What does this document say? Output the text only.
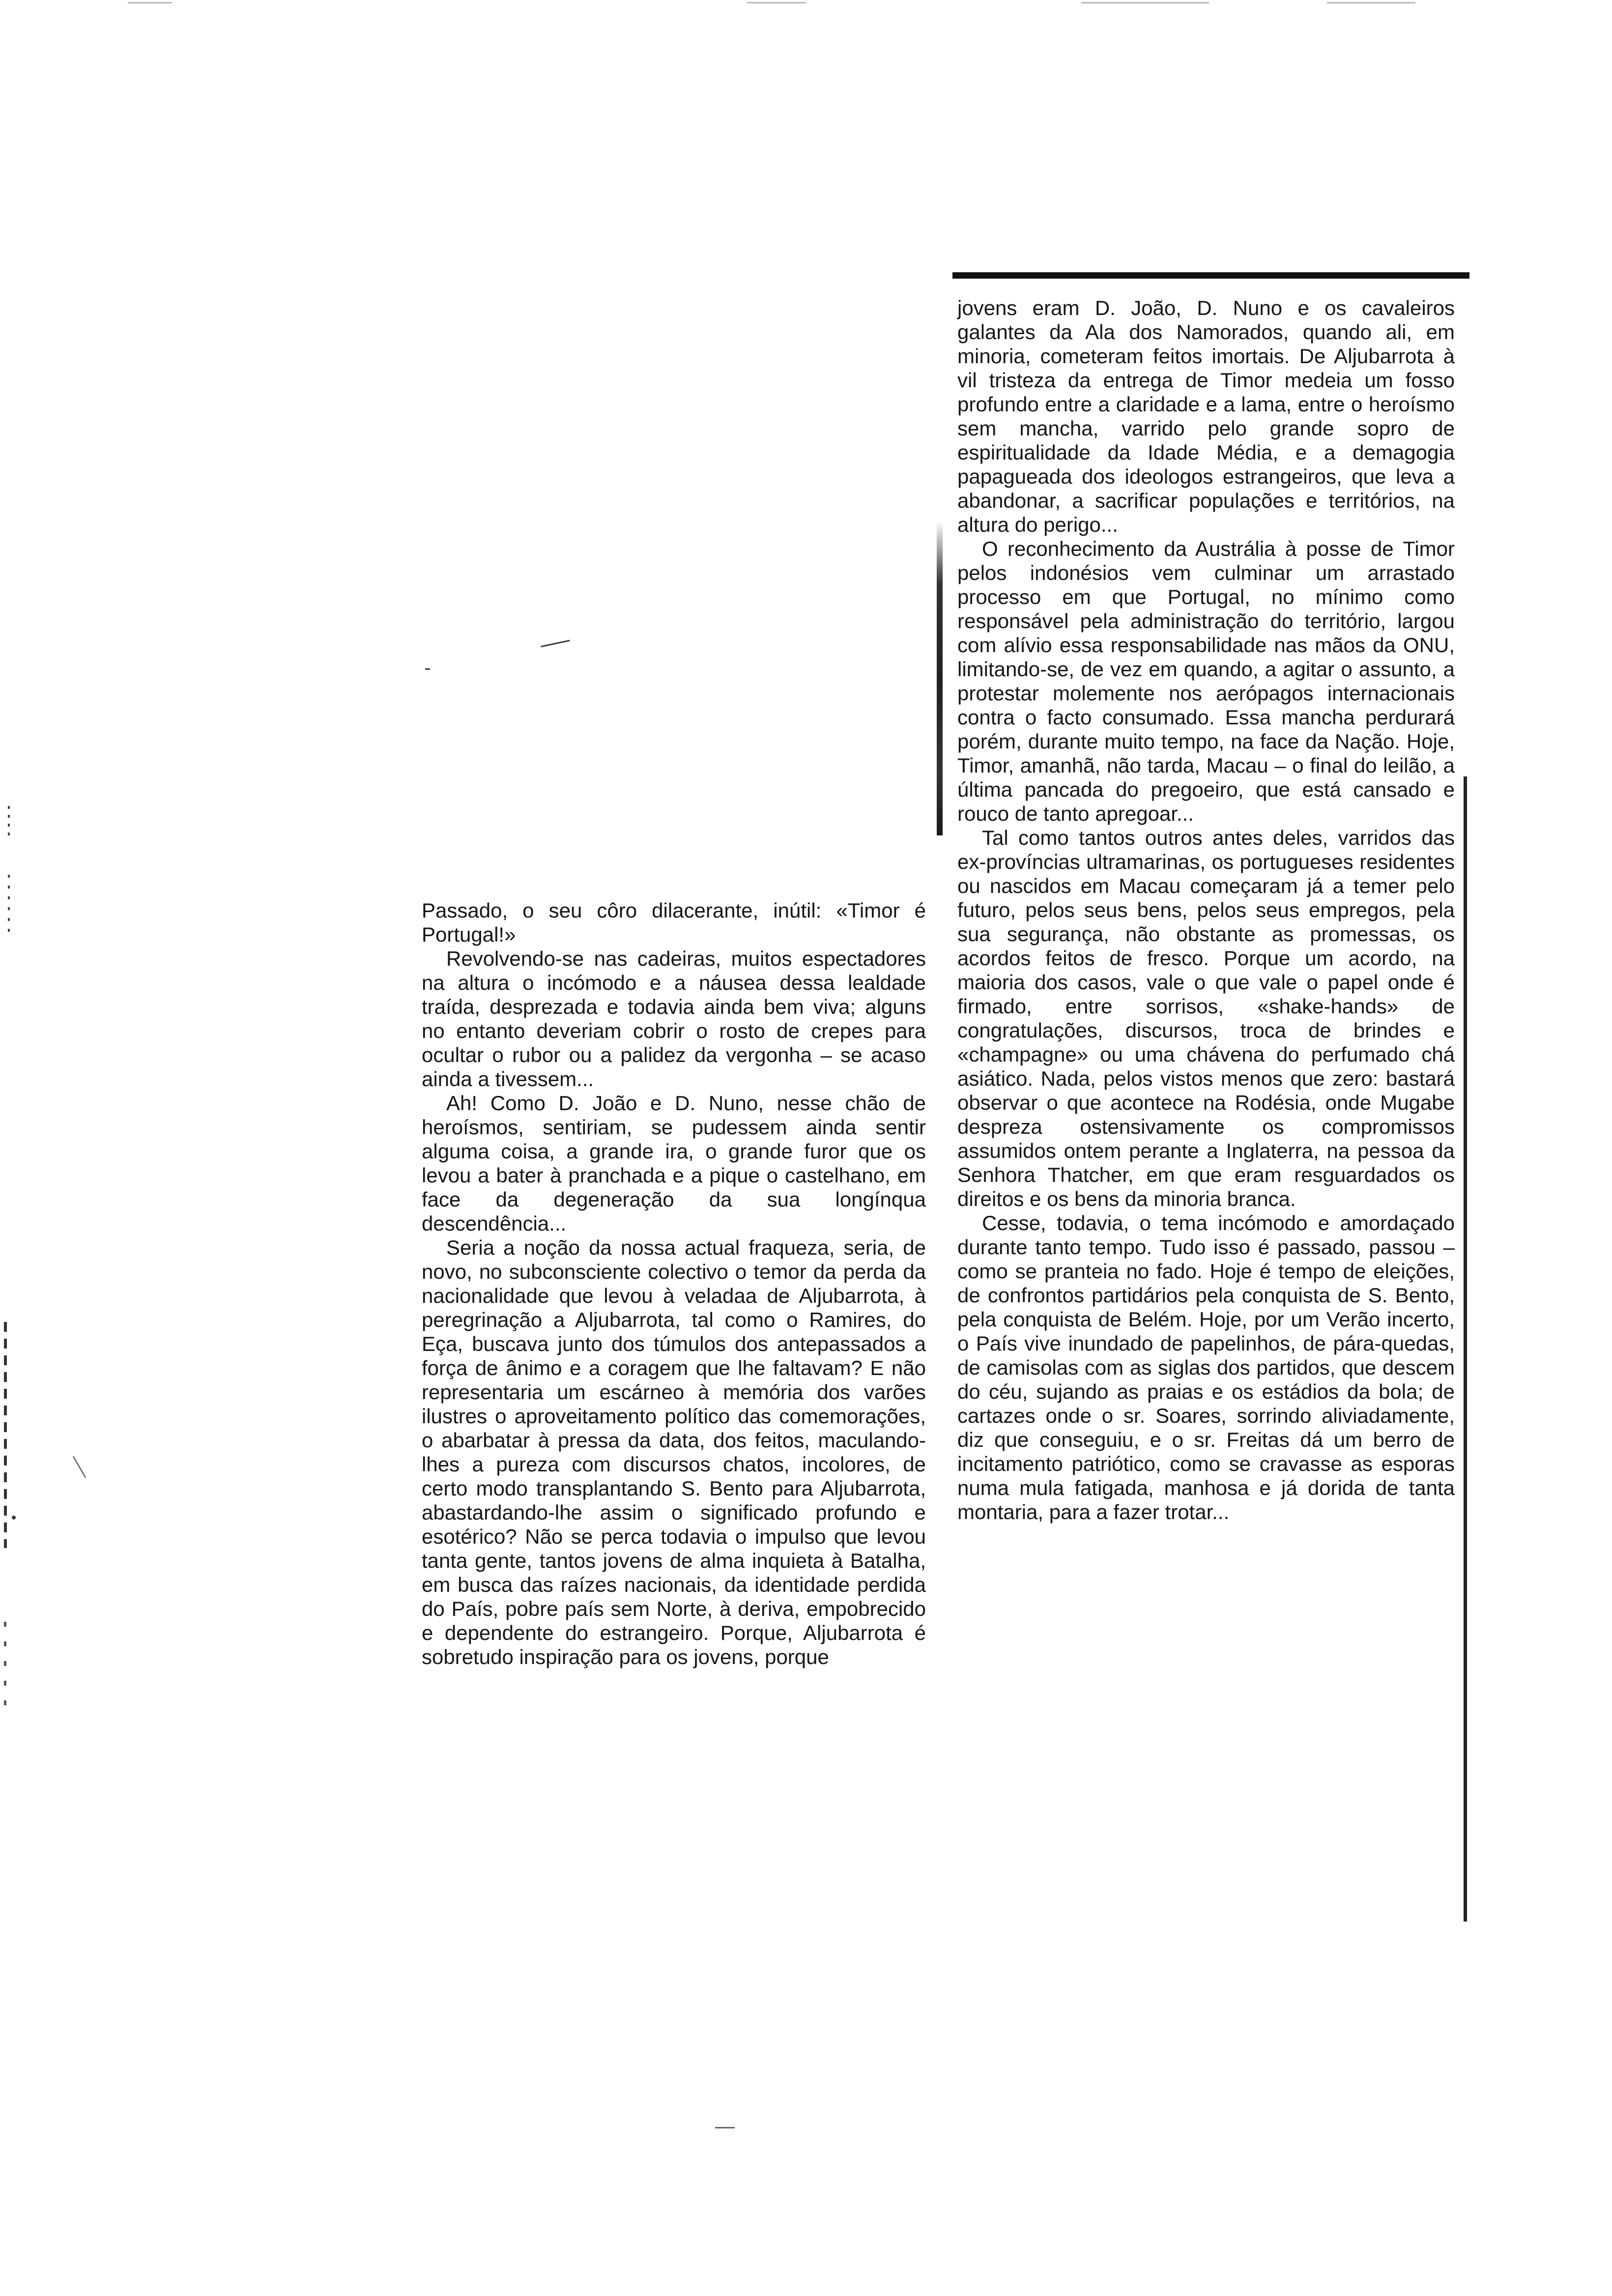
Passado, o seu côro dilacerante, inútil: «Timor é Portugal!»

Revolvendo-se nas cadeiras, muitos espectadores na altura o incómodo e a náusea dessa lealdade traída, desprezada e todavia ainda bem viva; alguns no entanto deveriam cobrir o rosto de crepes para ocultar o rubor ou a palidez da vergonha – se acaso ainda a tivessem...

Ah! Como D. João e D. Nuno, nesse chão de heroísmos, sentiriam, se pudessem ainda sentir alguma coisa, a grande ira, o grande furor que os levou a bater à pranchada e a pique o castelhano, em face da degeneração da sua longínqua descendência...

Seria a noção da nossa actual fraqueza, seria, de novo, no subconsciente colectivo o temor da perda da nacionalidade que levou à veladaa de Aljubarrota, à peregrinação a Aljubarrota, tal como o Ramires, do Eça, buscava junto dos túmulos dos antepassados a força de ânimo e a coragem que lhe faltavam? E não representaria um escárneo à memória dos varões ilustres o aproveitamento político das comemorações, o abarbatar à pressa da data, dos feitos, maculando-lhes a pureza com discursos chatos, incolores, de certo modo transplantando S. Bento para Aljubarrota, abastardando-lhe assim o significado profundo e esotérico? Não se perca todavia o impulso que levou tanta gente, tantos jovens de alma inquieta à Batalha, em busca das raízes nacionais, da identidade perdida do País, pobre país sem Norte, à deriva, empobrecido e dependente do estrangeiro. Porque, Aljubarrota é sobretudo inspiração para os jovens, porque

jovens eram D. João, D. Nuno e os cavaleiros galantes da Ala dos Namorados, quando ali, em minoria, cometeram feitos imortais. De Aljubarrota à vil tristeza da entrega de Timor medeia um fosso profundo entre a claridade e a lama, entre o heroísmo sem mancha, varrido pelo grande sopro de espiritualidade da Idade Média, e a demagogia papagueada dos ideologos estrangeiros, que leva a abandonar, a sacrificar populações e territórios, na altura do perigo...

O reconhecimento da Austrália à posse de Timor pelos indonésios vem culminar um arrastado processo em que Portugal, no mínimo como responsável pela administração do território, largou com alívio essa responsabilidade nas mãos da ONU, limitando-se, de vez em quando, a agitar o assunto, a protestar molemente nos aerópagos internacionais contra o facto consumado. Essa mancha perdurará porém, durante muito tempo, na face da Nação. Hoje, Timor, amanhã, não tarda, Macau – o final do leilão, a última pancada do pregoeiro, que está cansado e rouco de tanto apregoar...

Tal como tantos outros antes deles, varridos das ex-províncias ultramarinas, os portugueses residentes ou nascidos em Macau começaram já a temer pelo futuro, pelos seus bens, pelos seus empregos, pela sua segurança, não obstante as promessas, os acordos feitos de fresco. Porque um acordo, na maioria dos casos, vale o que vale o papel onde é firmado, entre sorrisos, «shake-hands» de congratulações, discursos, troca de brindes e «champagne» ou uma chávena do perfumado chá asiático. Nada, pelos vistos menos que zero: bastará observar o que acontece na Rodésia, onde Mugabe despreza ostensivamente os compromissos assumidos ontem perante a Inglaterra, na pessoa da Senhora Thatcher, em que eram resguardados os direitos e os bens da minoria branca.

Cesse, todavia, o tema incómodo e amordaçado durante tanto tempo. Tudo isso é passado, passou – como se pranteia no fado. Hoje é tempo de eleições, de confrontos partidários pela conquista de S. Bento, pela conquista de Belém. Hoje, por um Verão incerto, o País vive inundado de papelinhos, de pára-quedas, de camisolas com as siglas dos partidos, que descem do céu, sujando as praias e os estádios da bola; de cartazes onde o sr. Soares, sorrindo aliviadamente, diz que conseguiu, e o sr. Freitas dá um berro de incitamento patriótico, como se cravasse as esporas numa mula fatigada, manhosa e já dorida de tanta montaria, para a fazer trotar...
